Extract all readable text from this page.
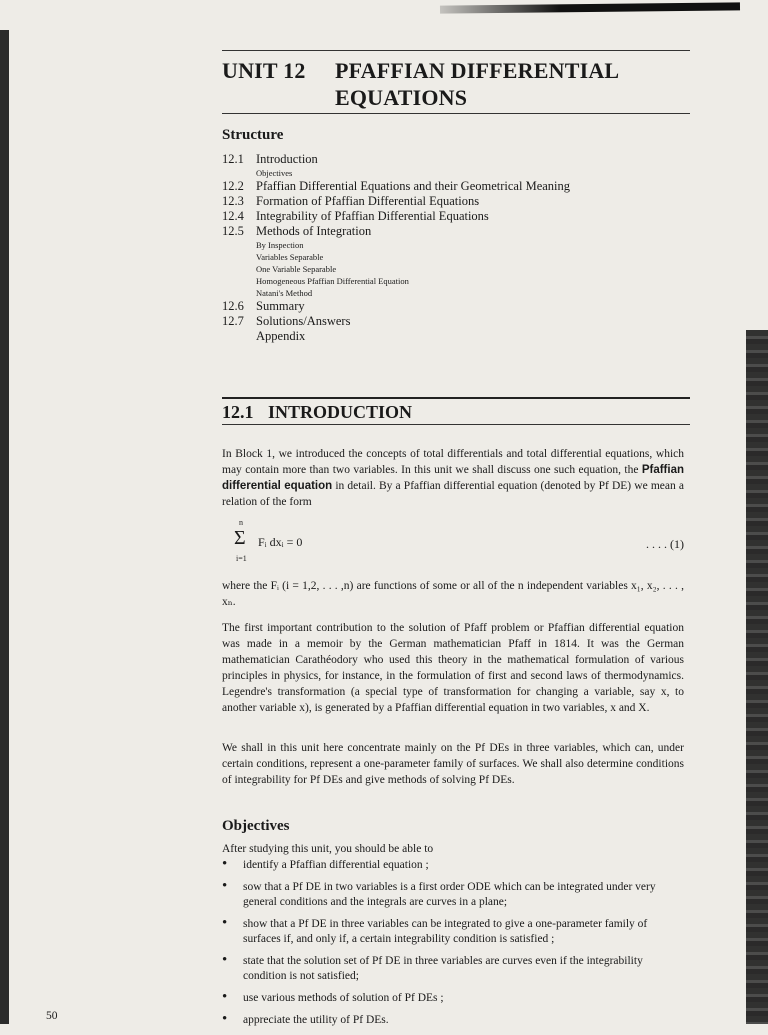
UNIT 12 PFAFFIAN DIFFERENTIAL
EQUATIONS
Structure
12.1 Introduction
Objectives
12.2 Pfaffian Differential Equations and their Geometrical Meaning
12.3 Formation of Pfaffian Differential Equations
12.4 Integrability of Pfaffian Differential Equations
12.5 Methods of Integration
By Inspection
Variables Separable
One Variable Separable
Homogeneous Pfaffian Differential Equation
Natani's Method
12.6 Summary
12.7 Solutions/Answers
Appendix
12.1 INTRODUCTION

In Block 1, we introduced the concepts of total differentials and total differential equations, which may contain more than two variables. In this unit we shall discuss one such equation, the Pfaffian differential equation in detail. By a Pfaffian differential equation (denoted by Pf DE) we mean a relation of the form

n
Σ
i=1
Fᵢ dxᵢ = 0	. . . . (1)

where the Fᵢ (i = 1,2, . . . ,n) are functions of some or all of the n independent variables x₁, x₂, . . . , xₙ.

The first important contribution to the solution of Pfaff problem or Pfaffian differential equation was made in a memoir by the German mathematician Pfaff in 1814. It was the German mathematician Carathéodory who used this theory in the mathematical formulation of various principles in physics, for instance, in the formulation of first and second laws of thermodynamics. Legendre's transformation (a special type of transformation for changing a variable, say x, to another variable x), is generated by a Pfaffian differential equation in two variables, x and X.

We shall in this unit here concentrate mainly on the Pf DEs in three variables, which can, under certain conditions, represent a one-parameter family of surfaces. We shall also determine conditions of integrability for Pf DEs and give methods of solving Pf DEs.

Objectives
After studying this unit, you should be able to
• identify a Pfaffian differential equation ;
• sow that a Pf DE in two variables is a first order ODE which can be integrated under very general conditions and the integrals are curves in a plane;
• show that a Pf DE in three variables can be integrated to give a one-parameter family of surfaces if, and only if, a certain integrability condition is satisfied ;
• state that the solution set of Pf DE in three variables are curves even if the integrability condition is not satisfied;
• use various methods of solution of Pf DEs ;
• appreciate the utility of Pf DEs.
50
